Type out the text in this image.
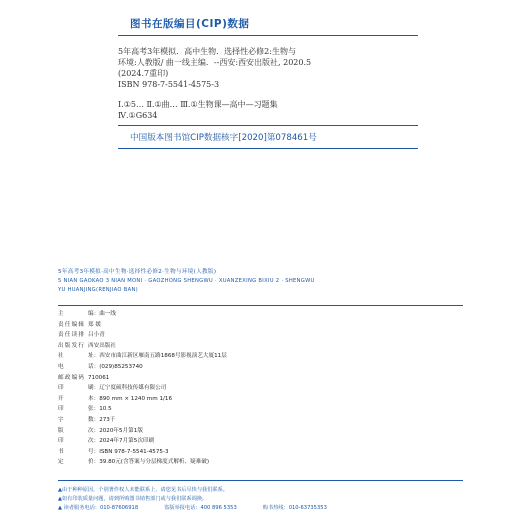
图书在版编目(CIP)数据
5年高考3年模拟．高中生物．选择性必修2:生物与
环境:人教版/ 曲一线主编．--西安:西安出版社, 2020.5
(2024.7重印)
ISBN 978-7-5541-4575-3
Ⅰ.①5… Ⅱ.①曲… Ⅲ.①生物课—高中—习题集
Ⅳ.①G634
中国版本图书馆CIP数据核字[2020]第078461号
5年高考3年模拟·高中生物·选择性必修2·生物与环境(人教版)
5 NIAN GAOKAO 3 NIAN MONI · GAOZHONG SHENGWU · XUANZEXING BIXIU 2 · SHENGWU
YU HUANJING(RENJIAO BAN)
主	编：曲一线
责任编辑 郑 媛
责任读排 吕小青
出版发行 西安出版社
社	址：西安市曲江新区雁南五路1868号影视演艺大厦11层
电	话：(029)85253740
邮政编码 710061
印	刷：辽宁度硕科技传媒有限公司
开	本：890 mm × 1240 mm 1/16
印	张：10.5
字	数：273千
版	次：2020年5月第1版
印	次：2024年7月第5次印刷
书	号：ISBN 978-7-5541-4575-3
定	价：39.80元(含答案与分层梯度式解析、疑难破)
▲由于种种原因，个别著作权人未能联系上，请您见书后尽快与我们联系。
▲如有印装质量问题，请到所购图书销售部门或与我们联系调换。
▲ 读者服务电话：010-87606918	盗版举报电话：400 896 5353	购书热线：010-63735353
